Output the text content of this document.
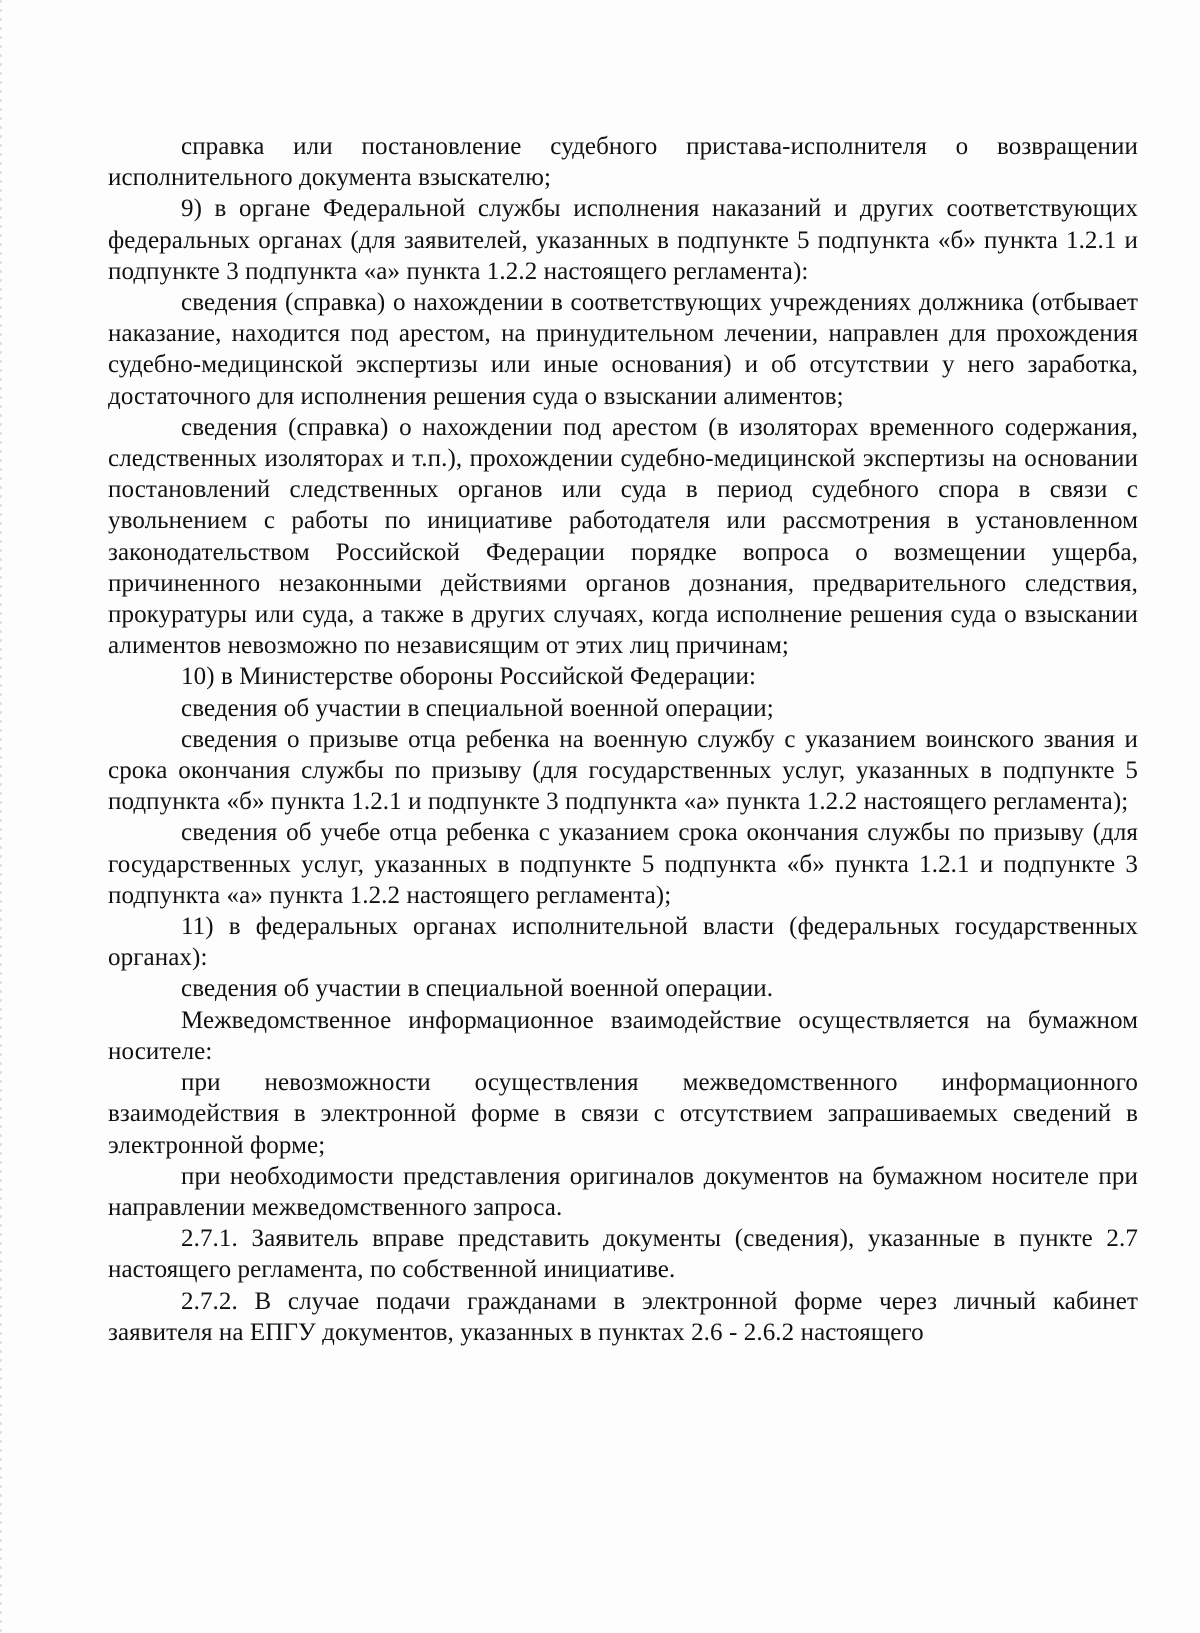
справка или постановление судебного пристава-исполнителя о возвращении исполнительного документа взыскателю;

9) в органе Федеральной службы исполнения наказаний и других соответствующих федеральных органах (для заявителей, указанных в подпункте 5 подпункта «б» пункта 1.2.1 и подпункте 3 подпункта «а» пункта 1.2.2 настоящего регламента):

сведения (справка) о нахождении в соответствующих учреждениях должника (отбывает наказание, находится под арестом, на принудительном лечении, направлен для прохождения судебно-медицинской экспертизы или иные основания) и об отсутствии у него заработка, достаточного для исполнения решения суда о взыскании алиментов;

сведения (справка) о нахождении под арестом (в изоляторах временного содержания, следственных изоляторах и т.п.), прохождении судебно-медицинской экспертизы на основании постановлений следственных органов или суда в период судебного спора в связи с увольнением с работы по инициативе работодателя или рассмотрения в установленном законодательством Российской Федерации порядке вопроса о возмещении ущерба, причиненного незаконными действиями органов дознания, предварительного следствия, прокуратуры или суда, а также в других случаях, когда исполнение решения суда о взыскании алиментов невозможно по независящим от этих лиц причинам;

10) в Министерстве обороны Российской Федерации:

сведения об участии в специальной военной операции;

сведения о призыве отца ребенка на военную службу с указанием воинского звания и срока окончания службы по призыву (для государственных услуг, указанных в подпункте 5 подпункта «б» пункта 1.2.1 и подпункте 3 подпункта «а» пункта 1.2.2 настоящего регламента);

сведения об учебе отца ребенка с указанием срока окончания службы по призыву (для государственных услуг, указанных в подпункте 5 подпункта «б» пункта 1.2.1 и подпункте 3 подпункта «а» пункта 1.2.2 настоящего регламента);

11) в федеральных органах исполнительной власти (федеральных государственных органах):

сведения об участии в специальной военной операции.

Межведомственное информационное взаимодействие осуществляется на бумажном носителе:

при невозможности осуществления межведомственного информационного взаимодействия в электронной форме в связи с отсутствием запрашиваемых сведений в электронной форме;

при необходимости представления оригиналов документов на бумажном носителе при направлении межведомственного запроса.

2.7.1. Заявитель вправе представить документы (сведения), указанные в пункте 2.7 настоящего регламента, по собственной инициативе.

2.7.2. В случае подачи гражданами в электронной форме через личный кабинет заявителя на ЕПГУ документов, указанных в пунктах 2.6 - 2.6.2 настоящего
